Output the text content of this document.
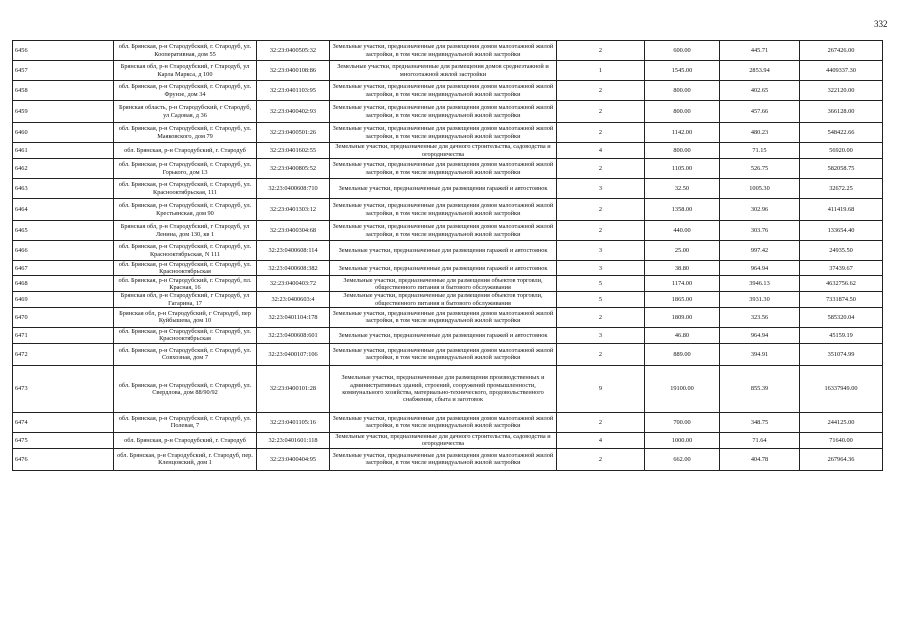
332
6456	обл. Брянская, р-н Стародубский, г. Стародуб, ул. Кооперативная, дом 55	32:23:0400505:32	Земельные участки, предназначенные для размещения домов малоэтажной жилой застройки, в том числе индивидуальной жилой застройки	2	600.00	445.71	267426.00
6457	Брянская обл, р-н Стародубский, г Стародуб, ул Карла Маркса, д 100	32:23:0400108:86	Земельные участки, предназначенные для размещения домов среднеэтажной и многоэтажной жилой застройки	1	1545.00	2853.94	4409337.30
6458	обл. Брянская, р-н Стародубский, г. Стародуб, ул. Фрунзе, дом 34	32:23:0401103:95	Земельные участки, предназначенные для размещения домов малоэтажной жилой застройки, в том числе индивидуальной жилой застройки	2	800.00	402.65	322120.00
6459	Брянская область, р-н Стародубский, г Стародуб, ул Садовая, д 36	32:23:0400402:93	Земельные участки, предназначенные для размещения домов малоэтажной жилой застройки, в том числе индивидуальной жилой застройки	2	800.00	457.66	366128.00
6460	обл. Брянская, р-н Стародубский, г. Стародуб, ул. Маяковского, дом 79	32:23:0400501:26	Земельные участки, предназначенные для размещения домов малоэтажной жилой застройки, в том числе индивидуальной жилой застройки	2	1142.00	480.23	548422.66
6461	обл. Брянская, р-н Стародубский, г. Стародуб	32:23:0401602:55	Земельные участки, предназначенные для дачного строительства, садоводства и огородничества	4	800.00	71.15	56920.00
6462	обл. Брянская, р-н Стародубский, г. Стародуб, ул. Горького, дом 13	32:23:0400805:52	Земельные участки, предназначенные для размещения домов малоэтажной жилой застройки, в том числе индивидуальной жилой застройки	2	1105.00	526.75	582058.75
6463	обл. Брянская, р-н Стародубский, г. Стародуб, ул. Краснооктябрьская, 111	32:23:0400608:710	Земельные участки, предназначенные для размещения гаражей и автостоянок	3	32.50	1005.30	32672.25
6464	обл. Брянская, р-н Стародубский, г. Стародуб, ул. Крестьянская, дом 90	32:23:0401303:12	Земельные участки, предназначенные для размещения домов малоэтажной жилой застройки, в том числе индивидуальной жилой застройки	2	1358.00	302.96	411419.68
6465	Брянская обл, р-н Стародубский, г Стародуб, ул Ленина, дом 130, кв 1	32:23:0400304:68	Земельные участки, предназначенные для размещения домов малоэтажной жилой застройки, в том числе индивидуальной жилой застройки	2	440.00	303.76	133654.40
6466	обл. Брянская, р-н Стародубский, г. Стародуб, ул. Краснооктябрьская, N 111	32:23:0400608:114	Земельные участки, предназначенные для размещения гаражей и автостоянок	3	25.00	997.42	24935.50
6467	обл. Брянская, р-н Стародубский, г. Стародуб, ул. Краснооктябрьская	32:23:0400608:382	Земельные участки, предназначенные для размещения гаражей и автостоянок	3	38.80	964.94	37439.67
6468	обл. Брянская, р-н Стародубский, г. Стародуб, пл. Красная, 16	32:23:0400403:72	Земельные участки, предназначенные для размещения объектов торговли, общественного питания и бытового обслуживания	5	1174.00	3946.13	4632756.62
6469	Брянская обл, р-н Стародубский, г Стародуб, ул Гагарина, 17	32:23:0400603:4	Земельные участки, предназначенные для размещения объектов торговли, общественного питания и бытового обслуживания	5	1865.00	3931.30	7331874.50
6470	Брянская обл, р-н Стародубский, г Стародуб, пер Куйбышева, дом 10	32:23:0401104:178	Земельные участки, предназначенные для размещения домов малоэтажной жилой застройки, в том числе индивидуальной жилой застройки	2	1809.00	323.56	585320.04
6471	обл. Брянская, р-н Стародубский, г. Стародуб, ул. Краснооктябрьская	32:23:0400608:601	Земельные участки, предназначенные для размещения гаражей и автостоянок	3	46.80	964.94	45159.19
6472	обл. Брянская, р-н Стародубский, г. Стародуб, ул. Совхозная, дом 7	32:23:0400107:106	Земельные участки, предназначенные для размещения домов малоэтажной жилой застройки, в том числе индивидуальной жилой застройки	2	889.00	394.91	351074.99
6473	обл. Брянская, р-н Стародубский, г. Стародуб, ул. Свердлова, дом 88/90/92	32:23:0400101:28	Земельные участки, предназначенные для размещения производственных и административных зданий, строений, сооружений промышленности, коммунального хозяйства, материально-технического, продовольственного снабжения, сбыта и заготовок	9	19100.00	855.39	16337949.00
6474	обл. Брянская, р-н Стародубский, г. Стародуб, ул. Полевая, 7	32:23:0401105:16	Земельные участки, предназначенные для размещения домов малоэтажной жилой застройки, в том числе индивидуальной жилой застройки	2	700.00	348.75	244125.00
6475	обл. Брянская, р-н Стародубский, г. Стародуб	32:23:0401601:118	Земельные участки, предназначенные для дачного строительства, садоводства и огородничества	4	1000.00	71.64	71640.00
6476	обл. Брянская, р-н Стародубский, г. Стародуб, пер. Кленцовский, дом 1	32:23:0400404:95	Земельные участки, предназначенные для размещения домов малоэтажной жилой застройки, в том числе индивидуальной жилой застройки	2	662.00	404.78	267964.36
